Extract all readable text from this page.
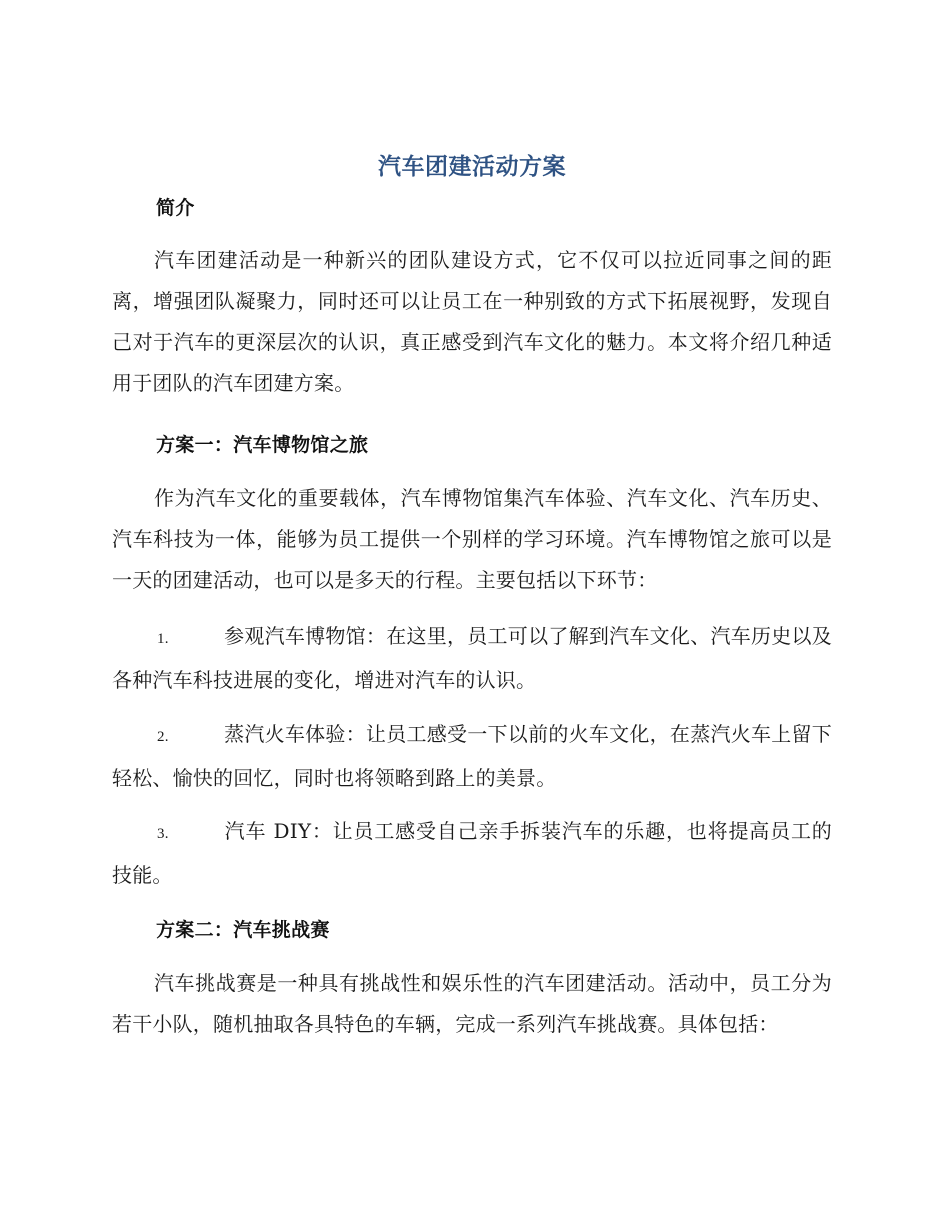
汽车团建活动方案
简介
汽车团建活动是一种新兴的团队建设方式，它不仅可以拉近同事之间的距离，增强团队凝聚力，同时还可以让员工在一种别致的方式下拓展视野，发现自己对于汽车的更深层次的认识，真正感受到汽车文化的魅力。本文将介绍几种适用于团队的汽车团建方案。
方案一：汽车博物馆之旅
作为汽车文化的重要载体，汽车博物馆集汽车体验、汽车文化、汽车历史、汽车科技为一体，能够为员工提供一个别样的学习环境。汽车博物馆之旅可以是一天的团建活动，也可以是多天的行程。主要包括以下环节：
1.	参观汽车博物馆：在这里，员工可以了解到汽车文化、汽车历史以及各种汽车科技进展的变化，增进对汽车的认识。
2.	蒸汽火车体验：让员工感受一下以前的火车文化，在蒸汽火车上留下轻松、愉快的回忆，同时也将领略到路上的美景。
3.	汽车 DIY：让员工感受自己亲手拆装汽车的乐趣，也将提高员工的技能。
方案二：汽车挑战赛
汽车挑战赛是一种具有挑战性和娱乐性的汽车团建活动。活动中，员工分为若干小队，随机抽取各具特色的车辆，完成一系列汽车挑战赛。具体包括：
